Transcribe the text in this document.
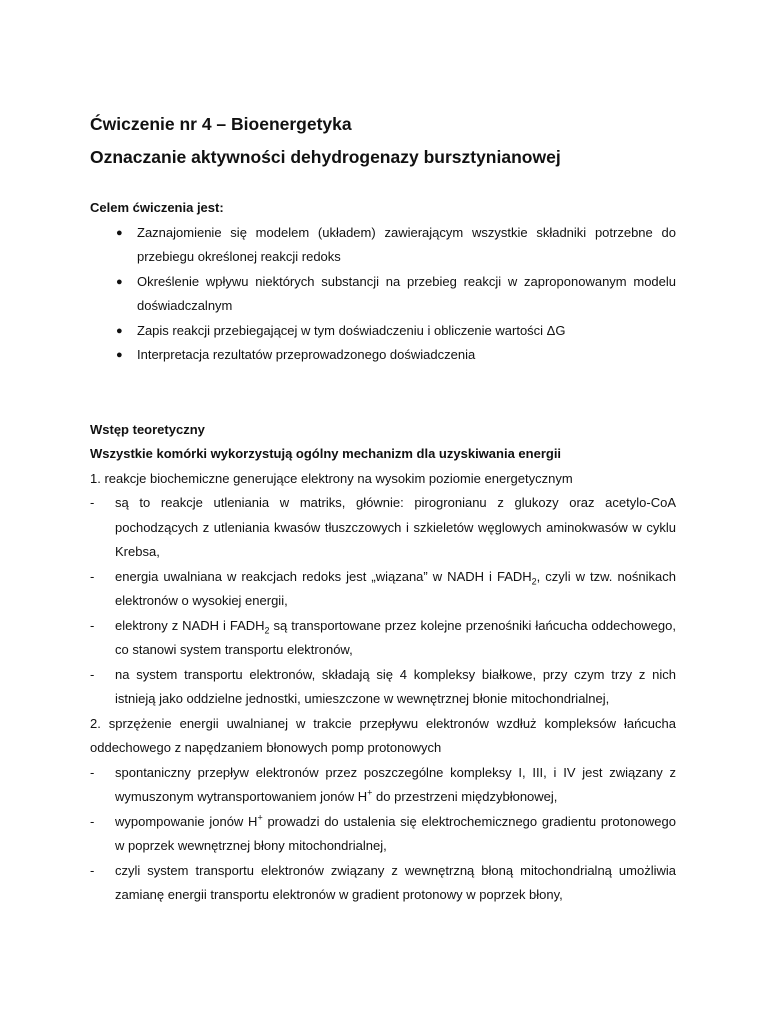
Ćwiczenie nr 4 – Bioenergetyka
Oznaczanie aktywności dehydrogenazy bursztynianowej
Celem ćwiczenia jest:
● Zaznajomienie się modelem (układem) zawierającym wszystkie składniki potrzebne do przebiegu określonej reakcji redoks
● Określenie wpływu niektórych substancji na przebieg reakcji w zaproponowanym modelu doświadczalnym
● Zapis reakcji przebiegającej w tym doświadczeniu i obliczenie wartości ΔG
● Interpretacja rezultatów przeprowadzonego doświadczenia
Wstęp teoretyczny
Wszystkie komórki wykorzystują ogólny mechanizm dla uzyskiwania energii

1. reakcje biochemiczne generujące elektrony na wysokim poziomie energetycznym

- są to reakcje utleniania w matriks, głównie: pirogronianu z glukozy oraz acetylo-CoA pochodzących z utleniania kwasów tłuszczowych i szkieletów węglowych aminokwasów w cyklu Krebsa,
- energia uwalniana w reakcjach redoks jest „wiązana” w NADH i $FADH_2$, czyli w tzw. nośnikach elektronów o wysokiej energii,
- elektrony z NADH i $FADH_2$ są transportowane przez kolejne przenośniki łańcucha oddechowego, co stanowi system transportu elektronów,
- na system transportu elektronów, składają się 4 kompleksy białkowe, przy czym trzy z nich istnieją jako oddzielne jednostki, umieszczone w wewnętrznej błonie mitochondrialnej,

2. sprzężenie energii uwalnianej w trakcie przepływu elektronów wzdłuż kompleksów łańcucha oddechowego z napędzaniem błonowych pomp protonowych

- spontaniczny przepływ elektronów przez poszczególne kompleksy I, III, i IV jest związany z wymuszonym wytransportowaniem jonów H+ do przestrzeni międzybłonowej,
- wypompowanie jonów H+ prowadzi do ustalenia się elektrochemicznego gradientu protonowego w poprzek wewnętrznej błony mitochondrialnej,
- czyli system transportu elektronów związany z wewnętrzną błoną mitochondrialną umożliwia zamianę energii transportu elektronów w gradient protonowy w poprzek błony,
